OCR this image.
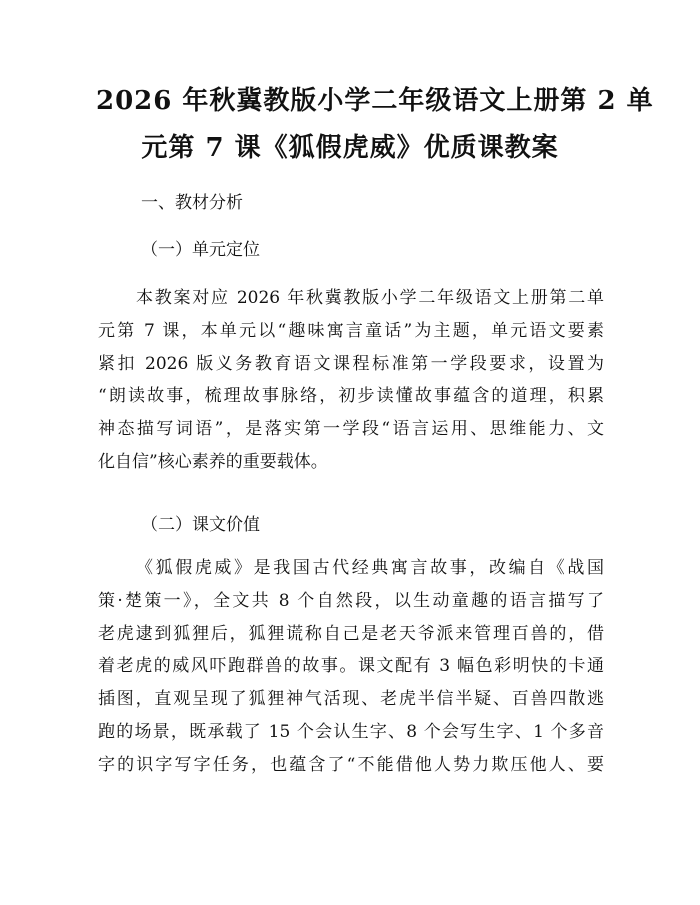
2026 年秋冀教版小学二年级语文上册第 2 单
元第 7 课《狐假虎威》优质课教案
一、教材分析
（一）单元定位
本教案对应 2026 年秋冀教版小学二年级语文上册第二单
元第 7 课，本单元以“趣味寓言童话”为主题，单元语文要素
紧扣 2026 版义务教育语文课程标准第一学段要求，设置为
“朗读故事，梳理故事脉络，初步读懂故事蕴含的道理，积累
神态描写词语”，是落实第一学段“语言运用、思维能力、文
化自信”核心素养的重要载体。
（二）课文价值
《狐假虎威》是我国古代经典寓言故事，改编自《战国
策·楚策一》，全文共 8 个自然段，以生动童趣的语言描写了
老虎逮到狐狸后，狐狸谎称自己是老天爷派来管理百兽的，借
着老虎的威风吓跑群兽的故事。课文配有 3 幅色彩明快的卡通
插图，直观呈现了狐狸神气活现、老虎半信半疑、百兽四散逃
跑的场景，既承载了 15 个会认生字、8 个会写生字、1 个多音
字的识字写字任务，也蕴含了“不能借他人势力欺压他人、要
